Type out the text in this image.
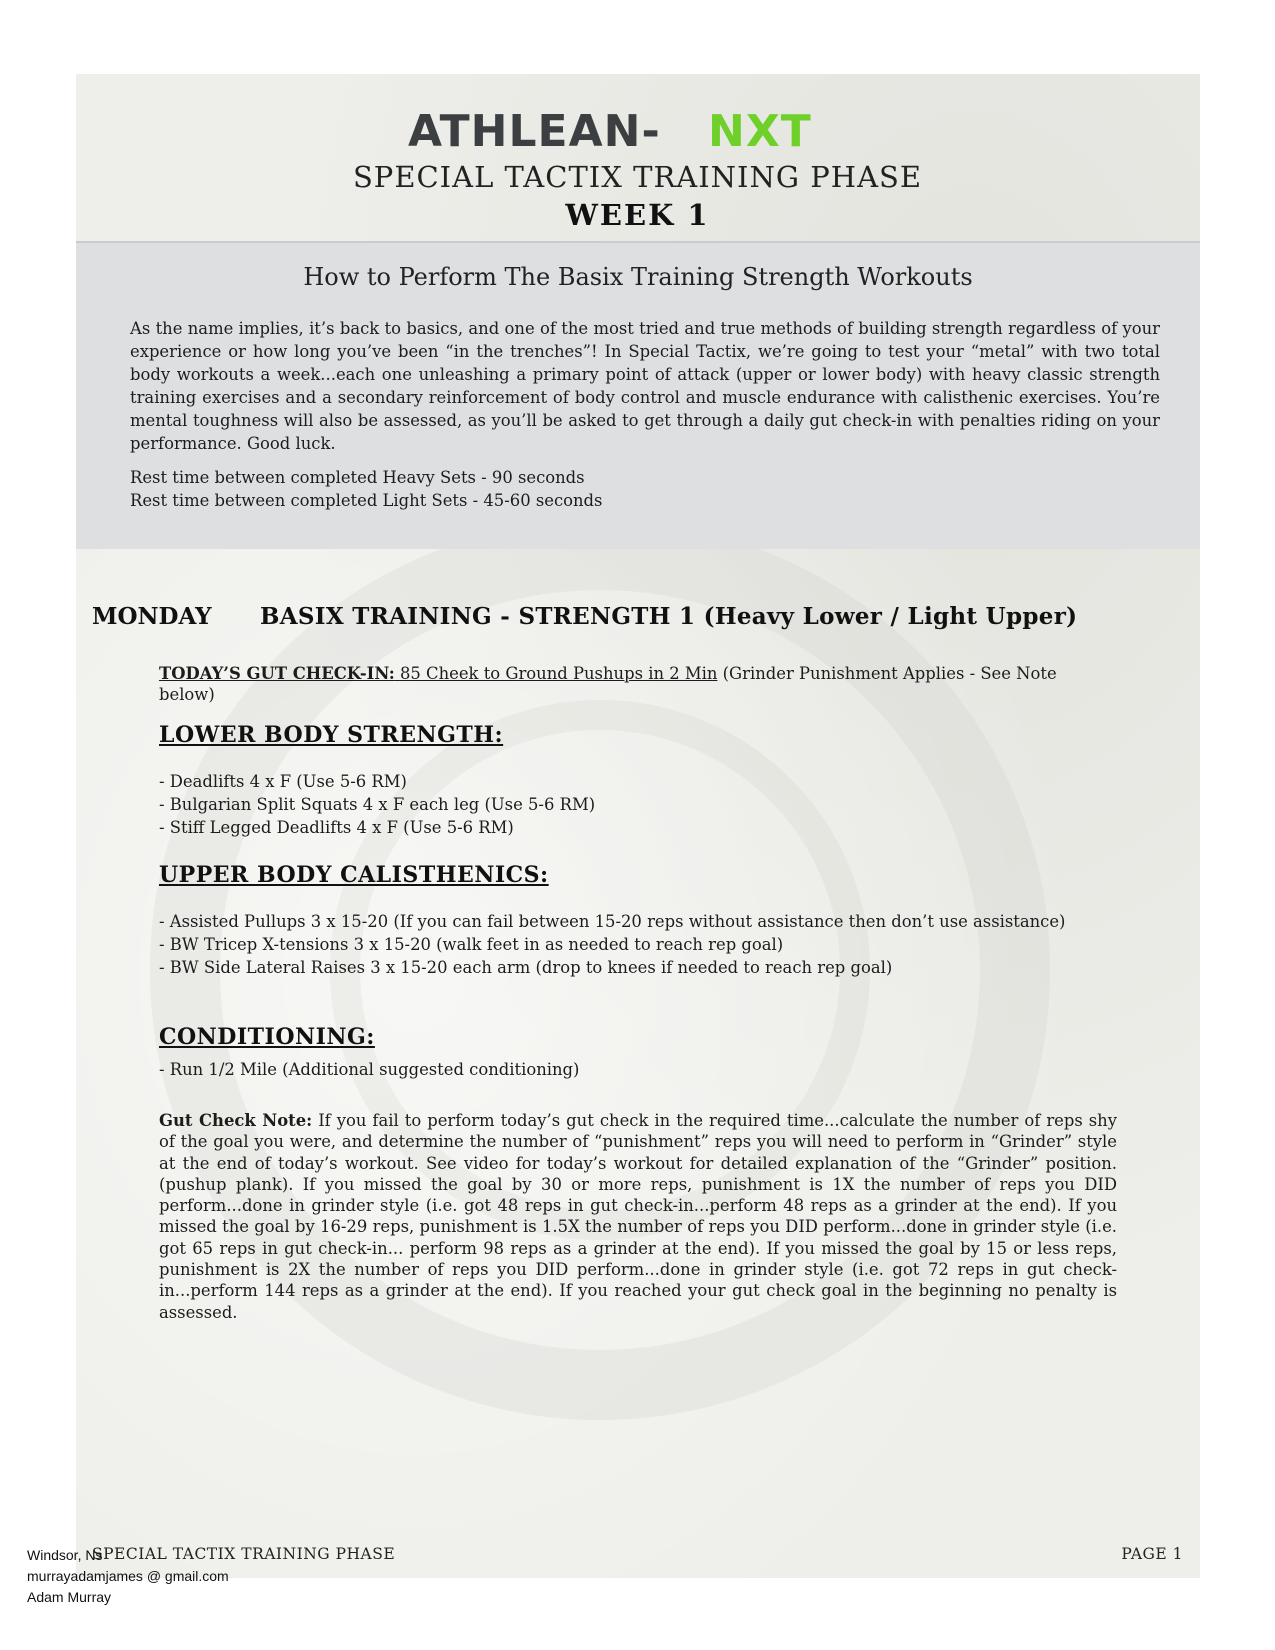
ATHLEAN- NXT
SPECIAL TACTIX TRAINING PHASE
WEEK 1
How to Perform The Basix Training Strength Workouts
As the name implies, it’s back to basics, and one of the most tried and true methods of building strength regardless of your experience or how long you’ve been “in the trenches”! In Special Tactix, we’re going to test your “metal” with two total body workouts a week...each one unleashing a primary point of attack (upper or lower body) with heavy classic strength training exercises and a secondary reinforcement of body control and muscle endurance with calisthenic exercises. You’re mental toughness will also be assessed, as you’ll be asked to get through a daily gut check-in with penalties riding on your performance. Good luck.
Rest time between completed Heavy Sets - 90 seconds
Rest time between completed Light Sets - 45-60 seconds
MONDAY BASIX TRAINING - STRENGTH 1 (Heavy Lower / Light Upper)
TODAY’S GUT CHECK-IN: 85 Cheek to Ground Pushups in 2 Min (Grinder Punishment Applies - See Note below)
LOWER BODY STRENGTH:
- Deadlifts 4 x F (Use 5-6 RM)
- Bulgarian Split Squats 4 x F each leg (Use 5-6 RM)
- Stiff Legged Deadlifts 4 x F (Use 5-6 RM)
UPPER BODY CALISTHENICS:
- Assisted Pullups 3 x 15-20 (If you can fail between 15-20 reps without assistance then don’t use assistance)
- BW Tricep X-tensions 3 x 15-20 (walk feet in as needed to reach rep goal)
- BW Side Lateral Raises 3 x 15-20 each arm (drop to knees if needed to reach rep goal)
CONDITIONING:
- Run 1/2 Mile (Additional suggested conditioning)
Gut Check Note: If you fail to perform today’s gut check in the required time...calculate the number of reps shy of the goal you were, and determine the number of “punishment” reps you will need to perform in “Grinder” style at the end of today’s workout. See video for today’s workout for detailed explanation of the “Grinder” position. (pushup plank). If you missed the goal by 30 or more reps, punishment is 1X the number of reps you DID perform...done in grinder style (i.e. got 48 reps in gut check-in...perform 48 reps as a grinder at the end). If you missed the goal by 16-29 reps, punishment is 1.5X the number of reps you DID perform...done in grinder style (i.e. got 65 reps in gut check-in... perform 98 reps as a grinder at the end). If you missed the goal by 15 or less reps, punishment is 2X the number of reps you DID perform...done in grinder style (i.e. got 72 reps in gut check-in...perform 144 reps as a grinder at the end). If you reached your gut check goal in the beginning no penalty is assessed.
SPECIAL TACTIX TRAINING PHASE	PAGE 1
Windsor, Ns
murrayadamjames @ gmail.com
Adam Murray
